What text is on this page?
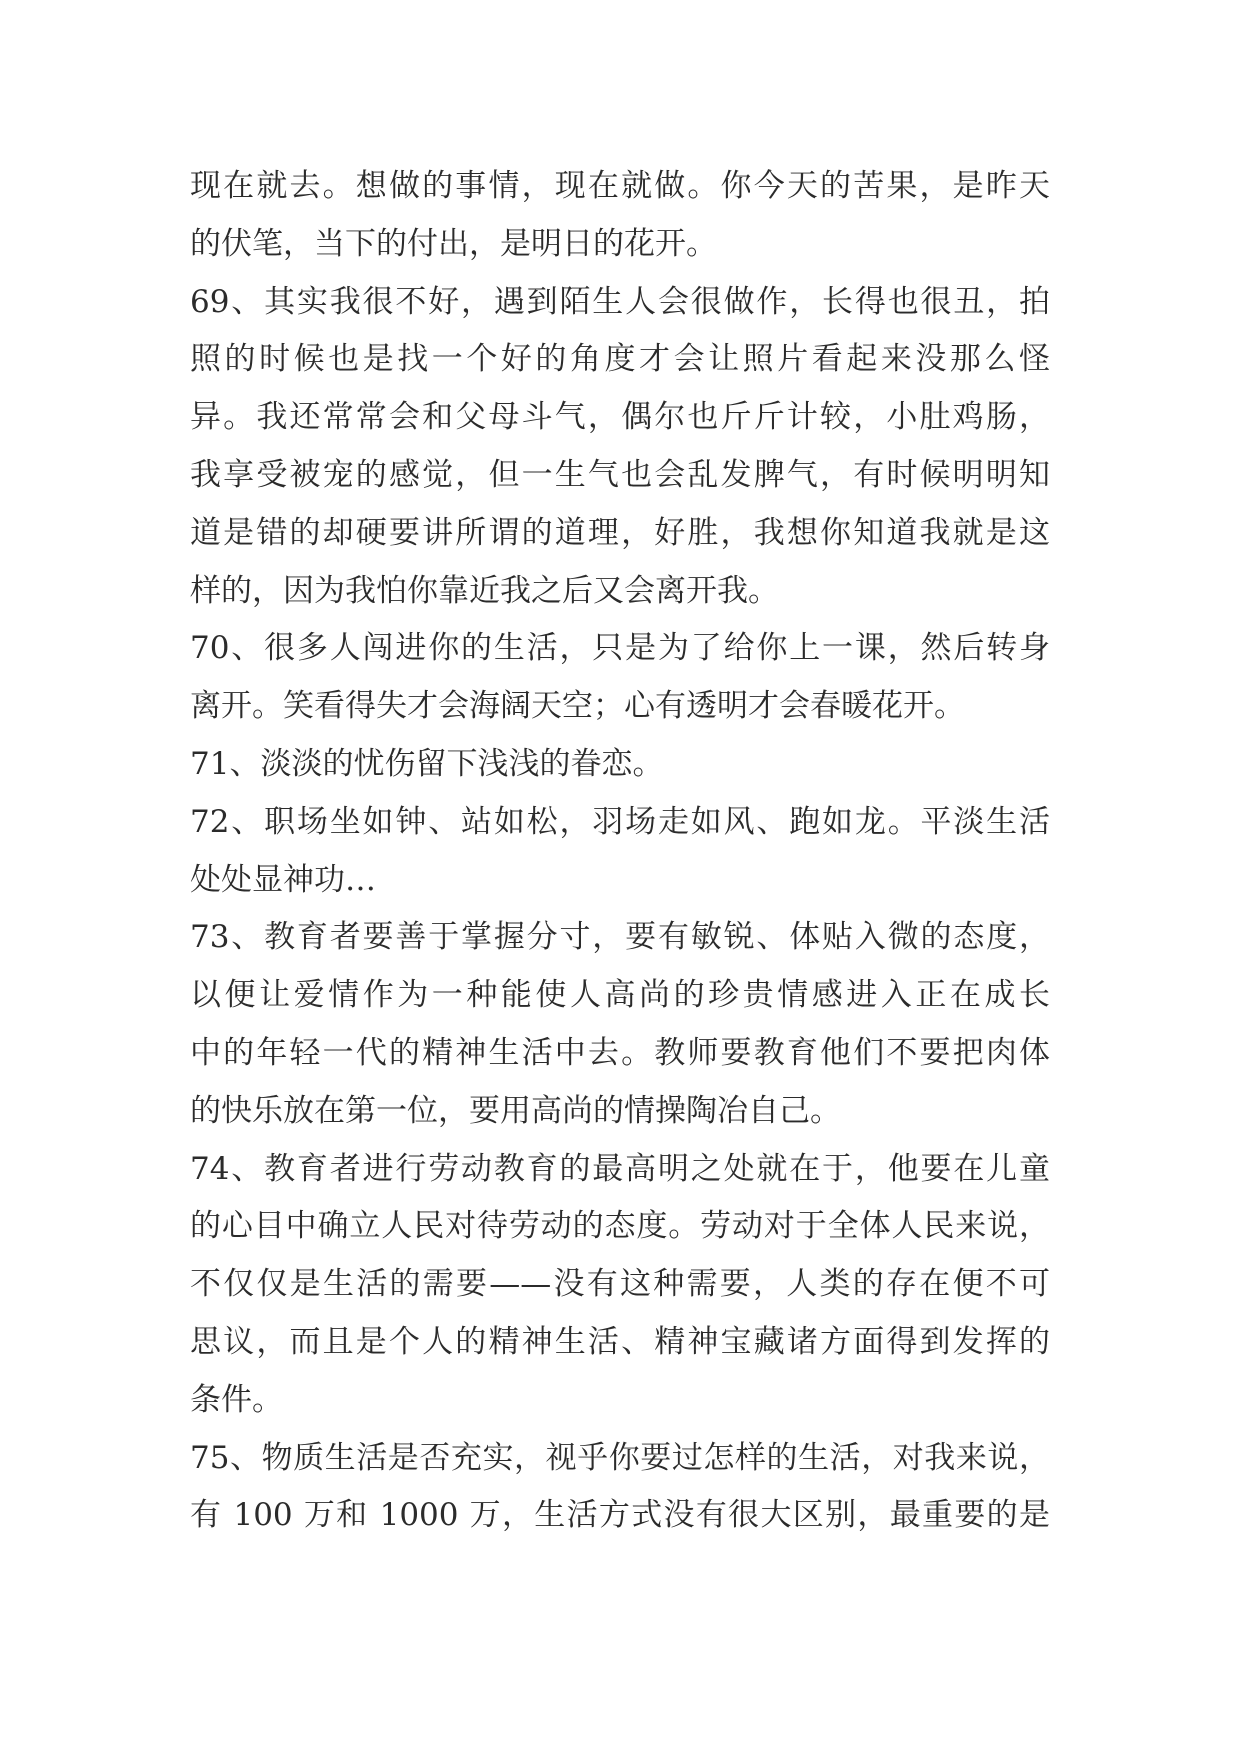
现在就去。想做的事情，现在就做。你今天的苦果，是昨天
的伏笔，当下的付出，是明日的花开。
69、其实我很不好，遇到陌生人会很做作，长得也很丑，拍
照的时候也是找一个好的角度才会让照片看起来没那么怪
异。我还常常会和父母斗气，偶尔也斤斤计较，小肚鸡肠，
我享受被宠的感觉，但一生气也会乱发脾气，有时候明明知
道是错的却硬要讲所谓的道理，好胜，我想你知道我就是这
样的，因为我怕你靠近我之后又会离开我。
70、很多人闯进你的生活，只是为了给你上一课，然后转身
离开。笑看得失才会海阔天空；心有透明才会春暖花开。
71、淡淡的忧伤留下浅浅的眷恋。
72、职场坐如钟、站如松，羽场走如风、跑如龙。平淡生活
处处显神功…
73、教育者要善于掌握分寸，要有敏锐、体贴入微的态度，
以便让爱情作为一种能使人高尚的珍贵情感进入正在成长
中的年轻一代的精神生活中去。教师要教育他们不要把肉体
的快乐放在第一位，要用高尚的情操陶冶自己。
74、教育者进行劳动教育的最高明之处就在于，他要在儿童
的心目中确立人民对待劳动的态度。劳动对于全体人民来说，
不仅仅是生活的需要——没有这种需要，人类的存在便不可
思议，而且是个人的精神生活、精神宝藏诸方面得到发挥的
条件。
75、物质生活是否充实，视乎你要过怎样的生活，对我来说，
有 100 万和 1000 万，生活方式没有很大区别，最重要的是
